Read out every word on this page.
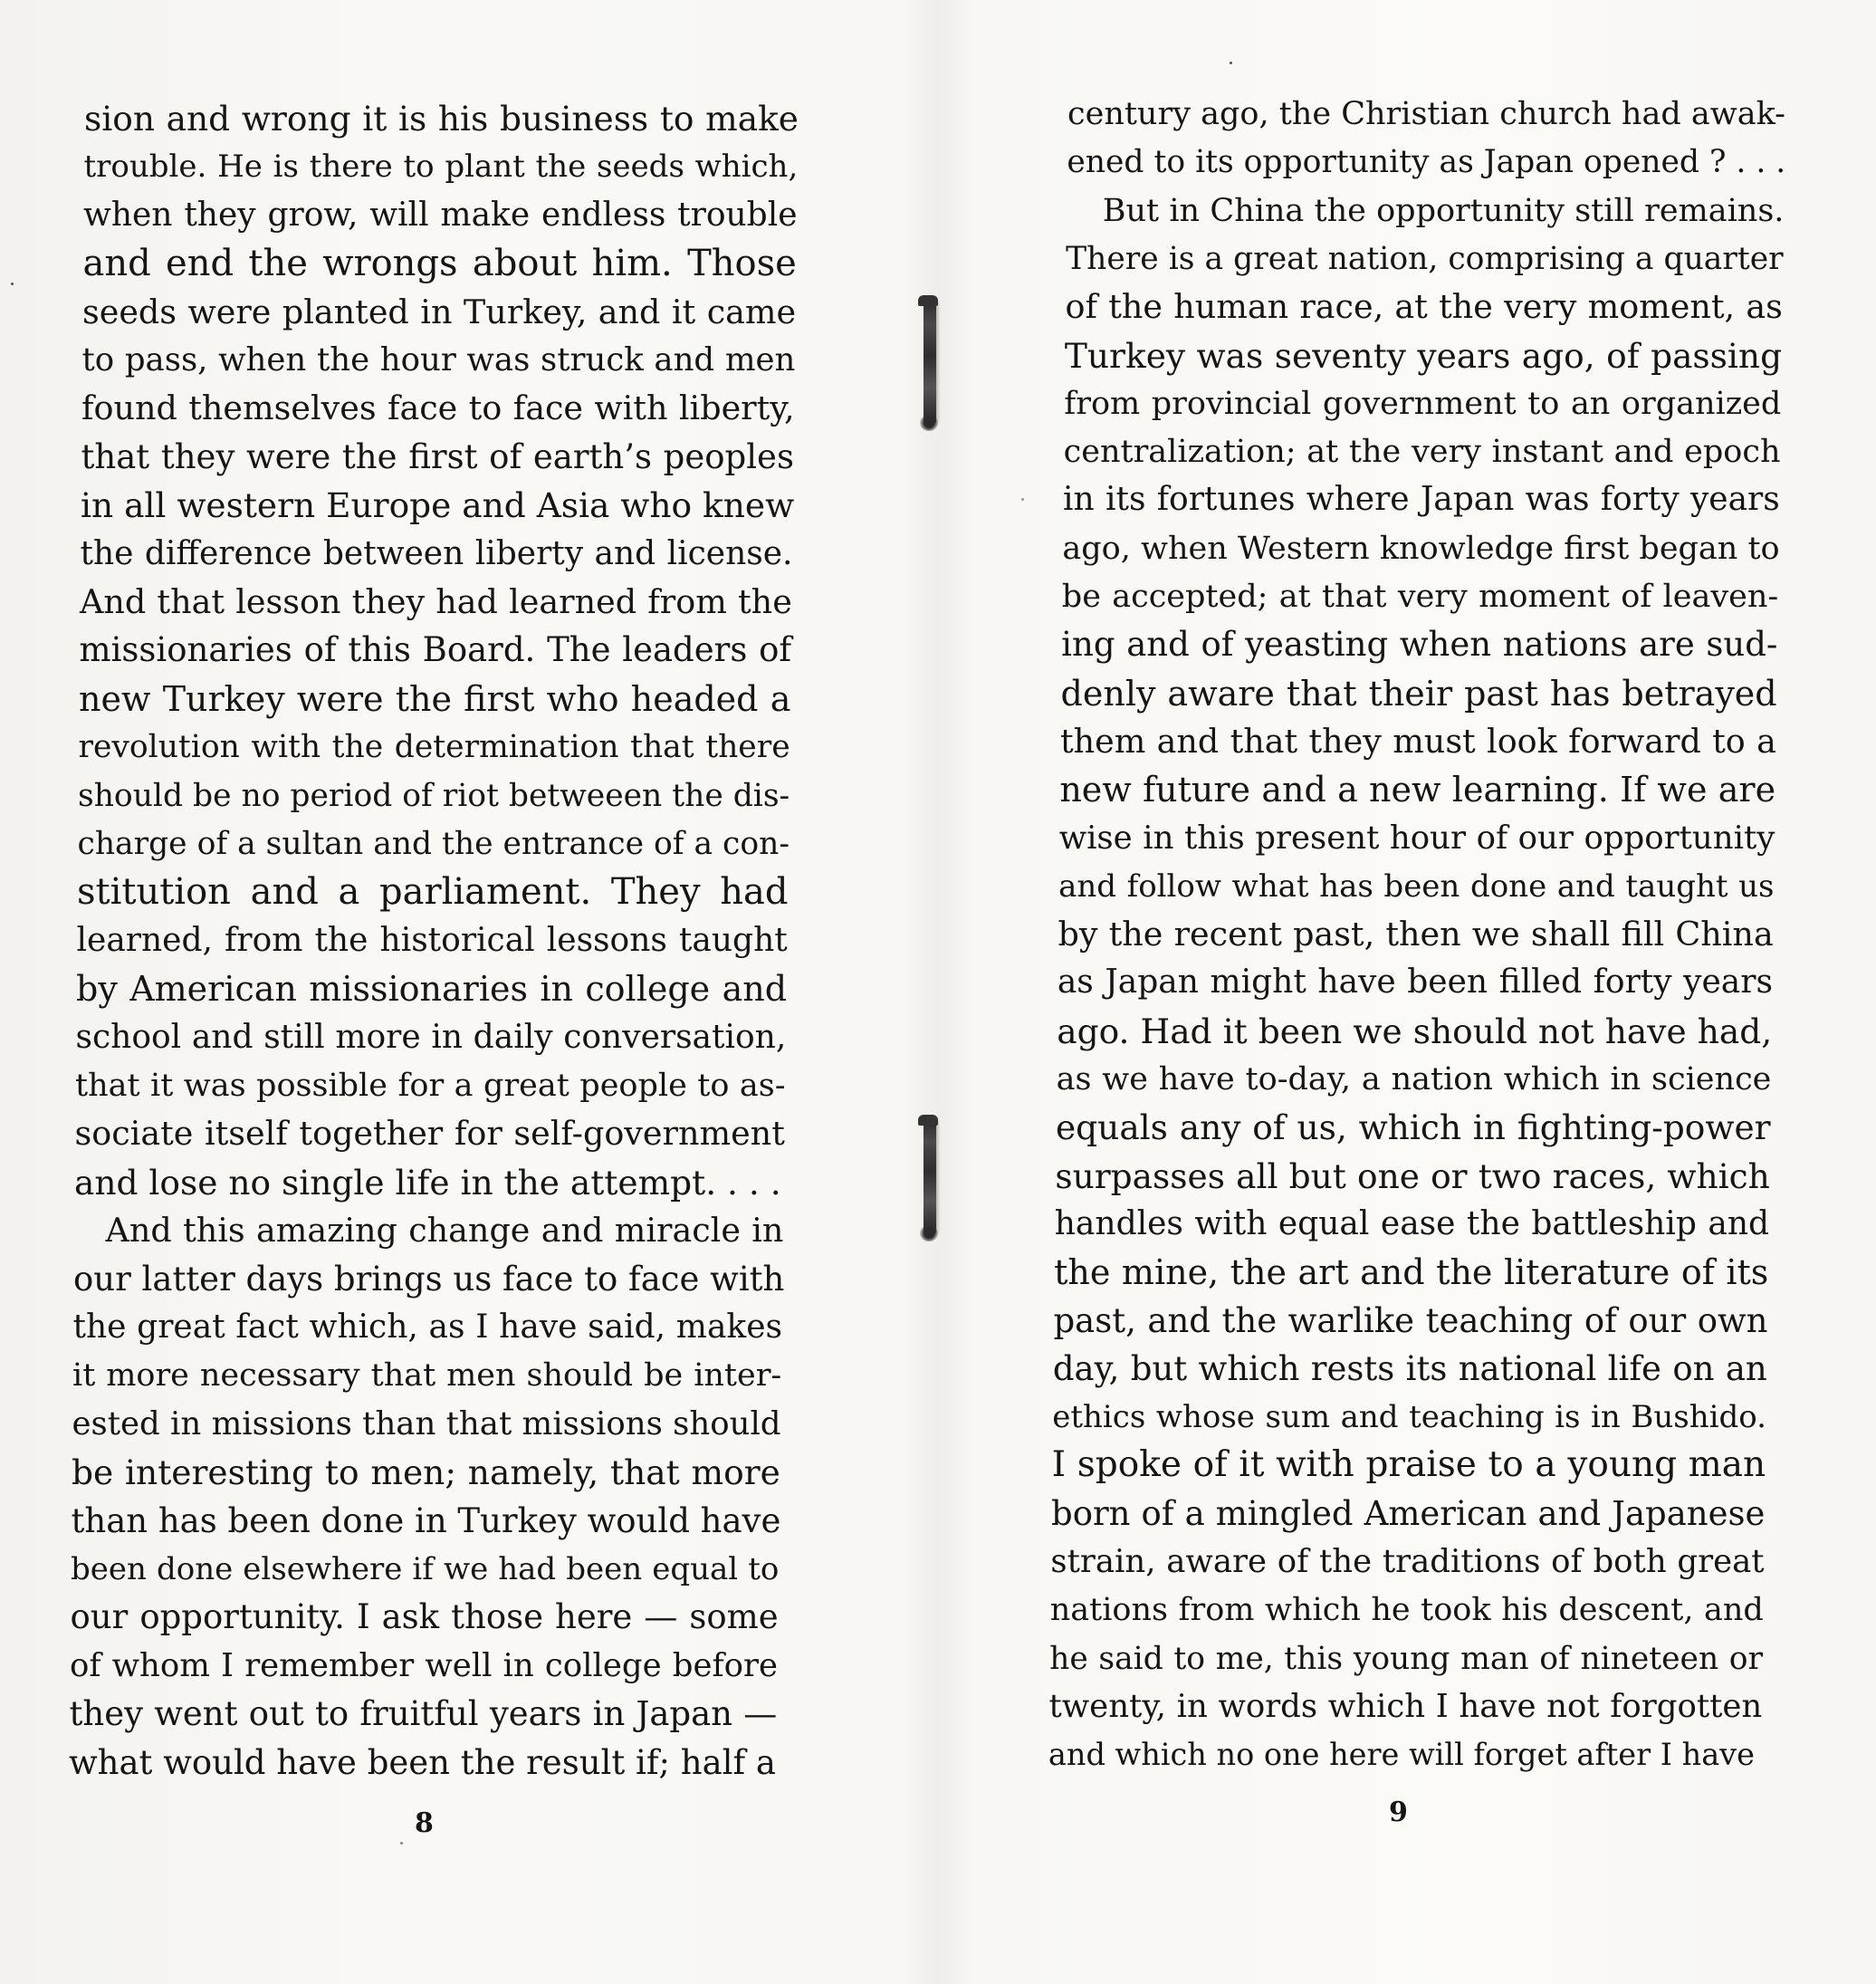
sion and wrong it is his business to make
trouble. He is there to plant the seeds which,
when they grow, will make endless trouble
and end the wrongs about him. Those
seeds were planted in Turkey, and it came
to pass, when the hour was struck and men
found themselves face to face with liberty,
that they were the first of earth’s peoples
in all western Europe and Asia who knew
the difference between liberty and license.
And that lesson they had learned from the
missionaries of this Board. The leaders of
new Turkey were the first who headed a
revolution with the determination that there
should be no period of riot betweeen the dis-
charge of a sultan and the entrance of a con-
stitution and a parliament. They had
learned, from the historical lessons taught
by American missionaries in college and
school and still more in daily conversation,
that it was possible for a great people to as-
sociate itself together for self-government
and lose no single life in the attempt. . . .
And this amazing change and miracle in
our latter days brings us face to face with
the great fact which, as I have said, makes
it more necessary that men should be inter-
ested in missions than that missions should
be interesting to men; namely, that more
than has been done in Turkey would have
been done elsewhere if we had been equal to
our opportunity. I ask those here — some
of whom I remember well in college before
they went out to fruitful years in Japan —
what would have been the result if; half a
8
century ago, the Christian church had awak-
ened to its opportunity as Japan opened ? . . .
But in China the opportunity still remains.
There is a great nation, comprising a quarter
of the human race, at the very moment, as
Turkey was seventy years ago, of passing
from provincial government to an organized
centralization; at the very instant and epoch
in its fortunes where Japan was forty years
ago, when Western knowledge first began to
be accepted; at that very moment of leaven-
ing and of yeasting when nations are sud-
denly aware that their past has betrayed
them and that they must look forward to a
new future and a new learning. If we are
wise in this present hour of our opportunity
and follow what has been done and taught us
by the recent past, then we shall fill China
as Japan might have been filled forty years
ago. Had it been we should not have had,
as we have to-day, a nation which in science
equals any of us, which in fighting-power
surpasses all but one or two races, which
handles with equal ease the battleship and
the mine, the art and the literature of its
past, and the warlike teaching of our own
day, but which rests its national life on an
ethics whose sum and teaching is in Bushido.
I spoke of it with praise to a young man
born of a mingled American and Japanese
strain, aware of the traditions of both great
nations from which he took his descent, and
he said to me, this young man of nineteen or
twenty, in words which I have not forgotten
and which no one here will forget after I have
9
